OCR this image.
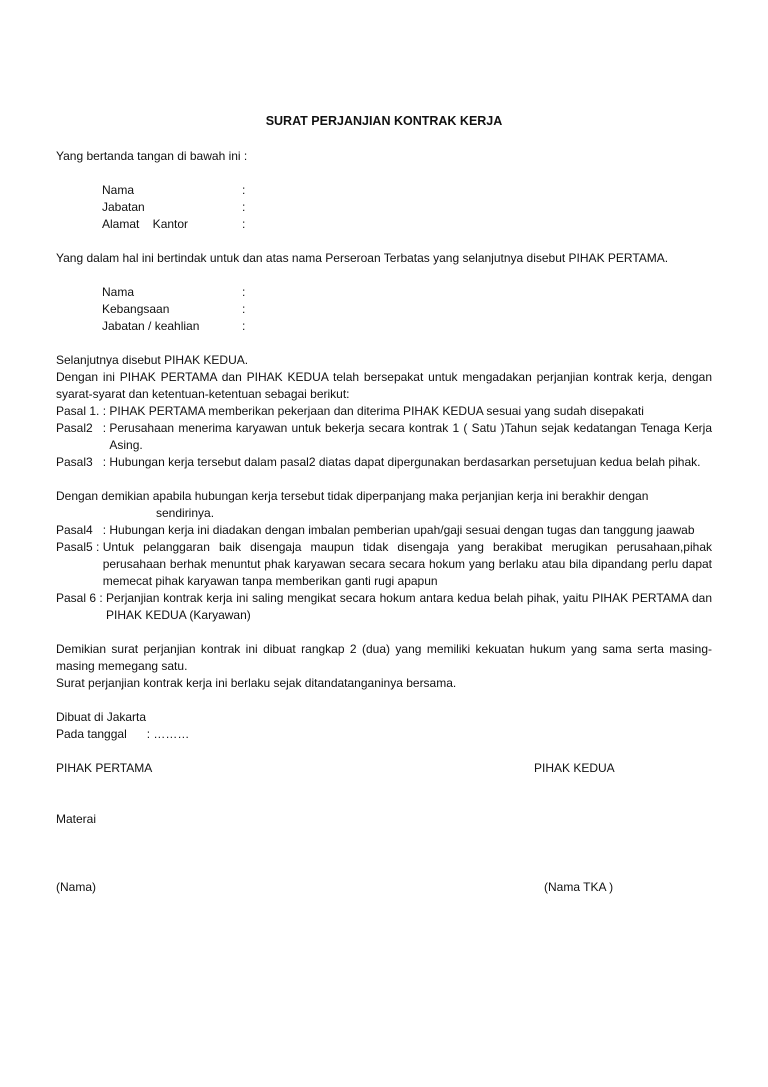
SURAT PERJANJIAN KONTRAK KERJA

Yang bertanda tangan di bawah ini :

Nama	:
Jabatan	:
Alamat    Kantor	:

Yang dalam hal ini bertindak untuk dan atas nama Perseroan Terbatas yang selanjutnya disebut PIHAK PERTAMA.

Nama	:
Kebangsaan	:
Jabatan / keahlian	:

Selanjutnya disebut PIHAK KEDUA.

Dengan ini PIHAK PERTAMA dan PIHAK KEDUA telah bersepakat untuk mengadakan perjanjian kontrak kerja, dengan syarat-syarat dan ketentuan-ketentuan sebagai berikut:

Pasal 1. : PIHAK PERTAMA memberikan pekerjaan dan diterima PIHAK KEDUA sesuai yang sudah disepakati
Pasal2   : Perusahaan menerima karyawan untuk bekerja secara kontrak 1 ( Satu )Tahun sejak kedatangan Tenaga Kerja Asing.
Pasal3   : Hubungan kerja tersebut dalam pasal2 diatas dapat dipergunakan berdasarkan persetujuan kedua belah pihak.

Dengan demikian apabila hubungan kerja tersebut tidak diperpanjang maka perjanjian kerja ini berakhir dengan

sendirinya.

Pasal4   : Hubungan kerja ini diadakan dengan imbalan pemberian upah/gaji sesuai dengan tugas dan tanggung jaawab
Pasal5 : Untuk pelanggaran baik disengaja maupun tidak disengaja yang berakibat merugikan perusahaan,pihak perusahaan berhak menuntut phak karyawan secara secara hokum yang berlaku atau bila dipandang perlu dapat memecat pihak karyawan tanpa memberikan ganti rugi apapun
Pasal 6 : Perjanjian kontrak kerja ini saling mengikat secara hokum antara kedua belah pihak, yaitu PIHAK PERTAMA dan PIHAK KEDUA (Karyawan)

Demikian surat perjanjian kontrak ini dibuat rangkap 2 (dua) yang memiliki kekuatan hukum yang sama serta masing-masing memegang satu.

Surat perjanjian kontrak kerja ini berlaku sejak ditandatanganinya bersama.

Dibuat di Jakarta

Pada tanggal      : ………

PIHAK PERTAMA	PIHAK KEDUA

Materai

(Nama)	(Nama TKA )
